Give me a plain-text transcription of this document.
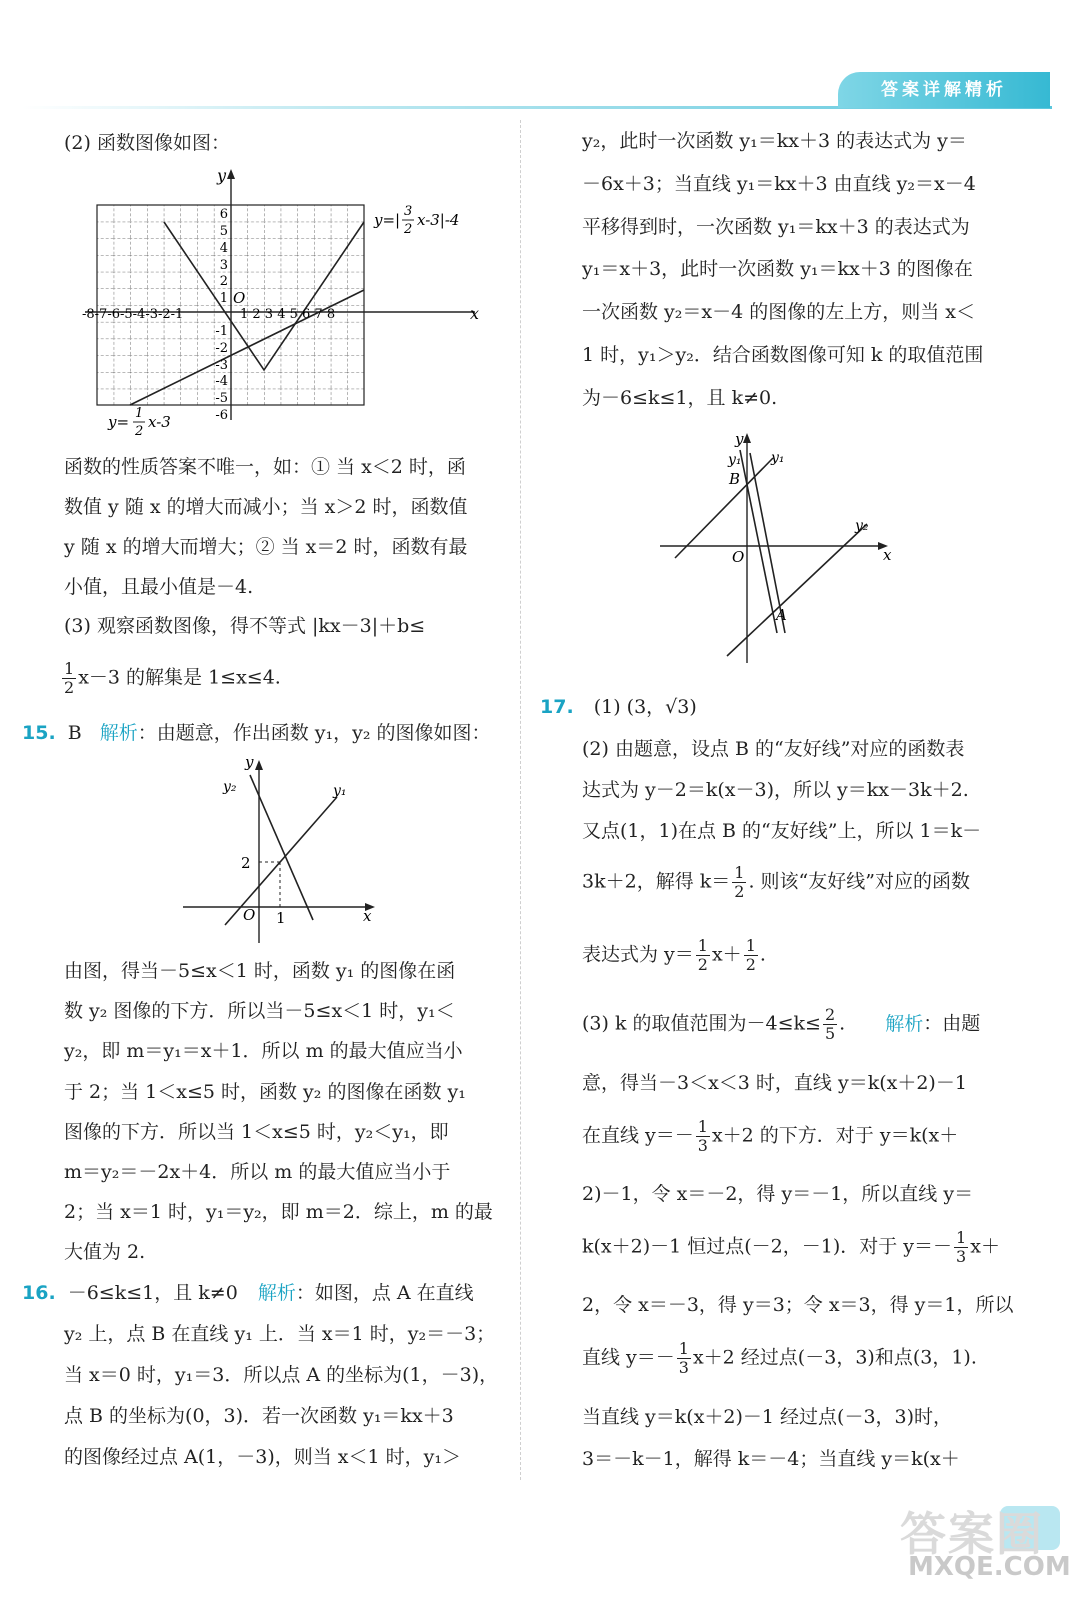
答案详解精析
(2) 函数图像如图：
y
x
O
-8-7-6-5-4-3-2-1	1 2 3 4 5 6 7 8
6
5
4
3
2
1
-1
-2
-3
-4
-5
-6
y=| 3
2
x-3|-4
y= 1
2
x-3
函数的性质答案不唯一，如：① 当 x＜2 时，函
数值 y 随 x 的增大而减小；当 x＞2 时，函数值
y 随 x 的增大而增大；② 当 x＝2 时，函数有最
小值，且最小值是－4.
(3) 观察函数图像，得不等式 |kx－3|＋b≤
$\frac{1}{2} x-3$ 的解集是 1≤x≤4.
15. B 解析：由题意，作出函数 y₁，y₂ 的图像如图：
y
x
O
y₂	y₁
2
1
由图，得当－5≤x＜1 时，函数 y₁ 的图像在函
数 y₂ 图像的下方．所以当－5≤x＜1 时，y₁＜
y₂，即 m＝y₁＝x＋1．所以 m 的最大值应当小
于 2；当 1＜x≤5 时，函数 y₂ 的图像在函数 y₁
图像的下方．所以当 1＜x≤5 时，y₂＜y₁，即
m＝y₂＝－2x＋4．所以 m 的最大值应当小于
2；当 x＝1 时，y₁＝y₂，即 m＝2．综上，m 的最
大值为 2.
16. －6≤k≤1，且 k≠0 解析：如图，点 A 在直线
y₂ 上，点 B 在直线 y₁ 上．当 x＝1 时，y₂＝－3；
当 x＝0 时，y₁＝3．所以点 A 的坐标为(1，－3)，
点 B 的坐标为(0，3)．若一次函数 y₁＝kx＋3
的图像经过点 A(1，－3)，则当 x＜1 时，y₁＞
y₂，此时一次函数 y₁＝kx＋3 的表达式为 y＝
－6x＋3；当直线 y₁＝kx＋3 由直线 y₂＝x－4
平移得到时，一次函数 y₁＝kx＋3 的表达式为
y₁＝x＋3，此时一次函数 y₁＝kx＋3 的图像在
一次函数 y₂＝x－4 的图像的左上方，则当 x＜
1 时，y₁＞y₂．结合函数图像可知 k 的取值范围
为－6≤k≤1，且 k≠0.
y
x
O
y₁ y₁
y₂
B
A
17. (1) (3，√3)
(2) 由题意，设点 B 的“友好线”对应的函数表
达式为 y－2＝k(x－3)，所以 y＝kx－3k＋2.
又点(1，1)在点 B 的“友好线”上，所以 1＝k－
3k＋2，解得 $k= \frac{1}{2}$ . 则该“友好线”对应的函数
表达式为 $y= \frac{1}{2} x+ \frac{1}{2}$ .
(3) k 的取值范围为$-4\le k\le \frac{2}{5}$ . 解析：由题
意，得当－3＜x＜3 时，直线 y＝k(x＋2)－1
在直线 $y=- \frac{1}{3} x+2$ 的下方．对于 y＝k(x＋
2)－1，令 x＝－2，得 y＝－1，所以直线 y＝
k(x＋2)－1 恒过点(－2，－1)．对于 $y=- \frac{1}{3} x+$
2，令 x＝－3，得 y＝3；令 x＝3，得 y＝1，所以
直线 $y=- \frac{1}{3} x+2$ 经过点(－3，3)和点(3，1).
当直线 y＝k(x＋2)－1 经过点(－3，3)时，
3＝－k－1，解得 k＝－4；当直线 y＝k(x＋
答案圈
MXQE.COM
